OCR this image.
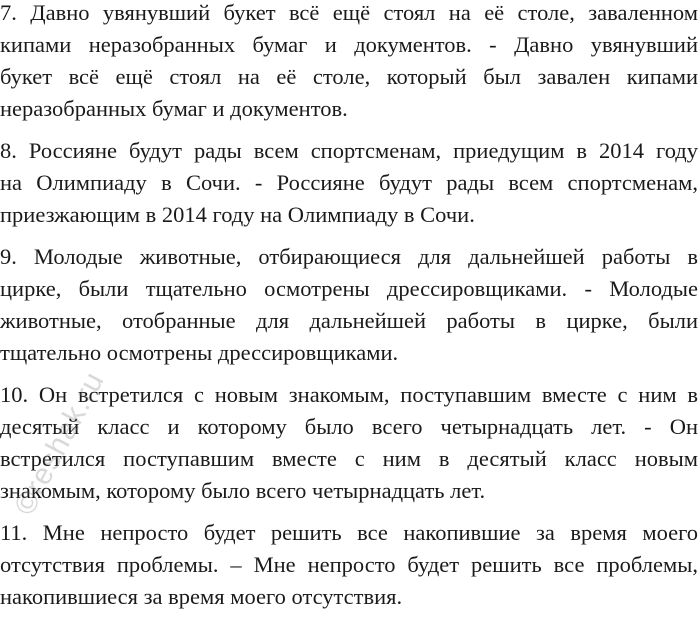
7. Давно увянувший букет всё ещё стоял на её столе, заваленном
кипами неразобранных бумаг и документов. - Давно увянувший
букет всё ещё стоял на её столе, который был завален кипами
неразобранных бумаг и документов.
8. Россияне будут рады всем спортсменам, приедущим в 2014 году
на Олимпиаду в Сочи. - Россияне будут рады всем спортсменам,
приезжающим в 2014 году на Олимпиаду в Сочи.
9. Молодые животные, отбирающиеся для дальнейшей работы в
цирке, были тщательно осмотрены дрессировщиками. - Молодые
животные, отобранные для дальнейшей работы в цирке, были
тщательно осмотрены дрессировщиками.
10. Он встретился с новым знакомым, поступавшим вместе с ним в
десятый класс и которому было всего четырнадцать лет. - Он
встретился поступавшим вместе с ним в десятый класс новым
знакомым, которому было всего четырнадцать лет.
11. Мне непросто будет решить все накопившие за время моего
отсутствия проблемы. – Мне непросто будет решить все проблемы,
накопившиеся за время моего отсутствия.
©reshak.ru
